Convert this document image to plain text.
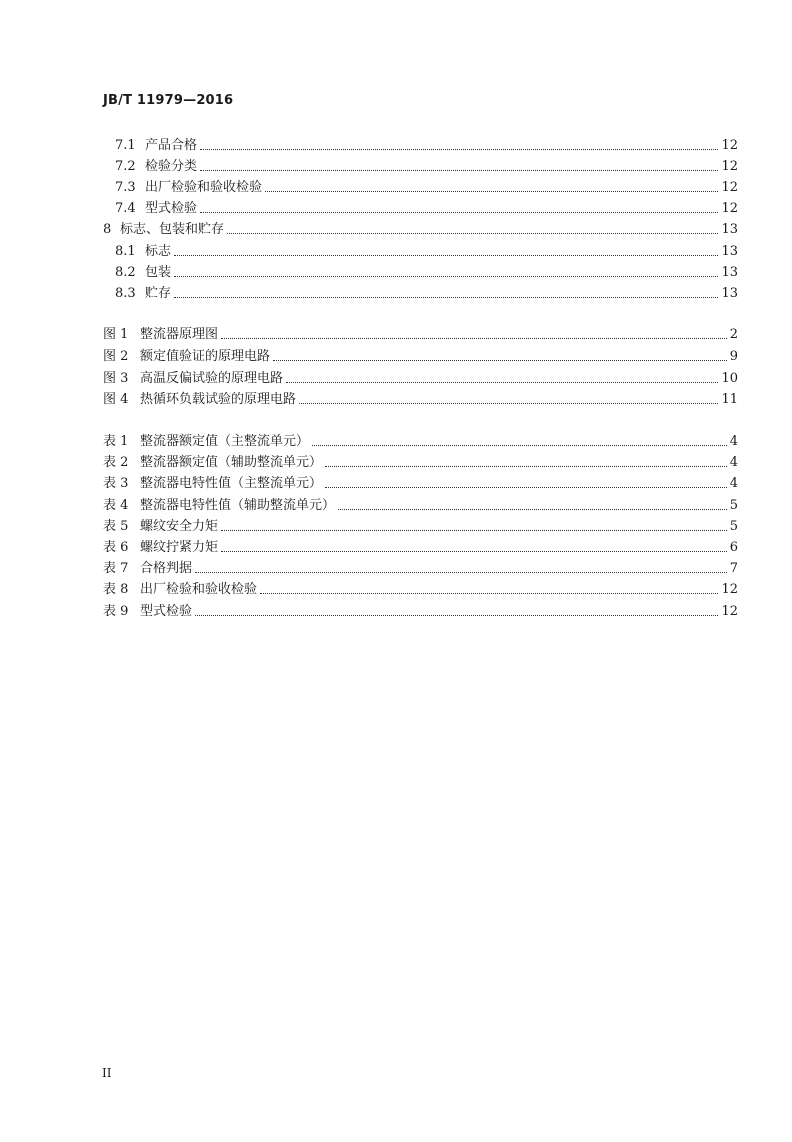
JB/T 11979—2016
7.1 产品合格	12
7.2 检验分类	12
7.3 出厂检验和验收检验	12
7.4 型式检验	12
8 标志、包装和贮存	13
8.1 标志	13
8.2 包装	13
8.3 贮存	13
图 1 整流器原理图	2
图 2 额定值验证的原理电路	9
图 3 高温反偏试验的原理电路	10
图 4 热循环负载试验的原理电路	11
表 1 整流器额定值（主整流单元）	4
表 2 整流器额定值（辅助整流单元）	4
表 3 整流器电特性值（主整流单元）	4
表 4 整流器电特性值（辅助整流单元）	5
表 5 螺纹安全力矩	5
表 6 螺纹拧紧力矩	6
表 7 合格判据	7
表 8 出厂检验和验收检验	12
表 9 型式检验	12
II
